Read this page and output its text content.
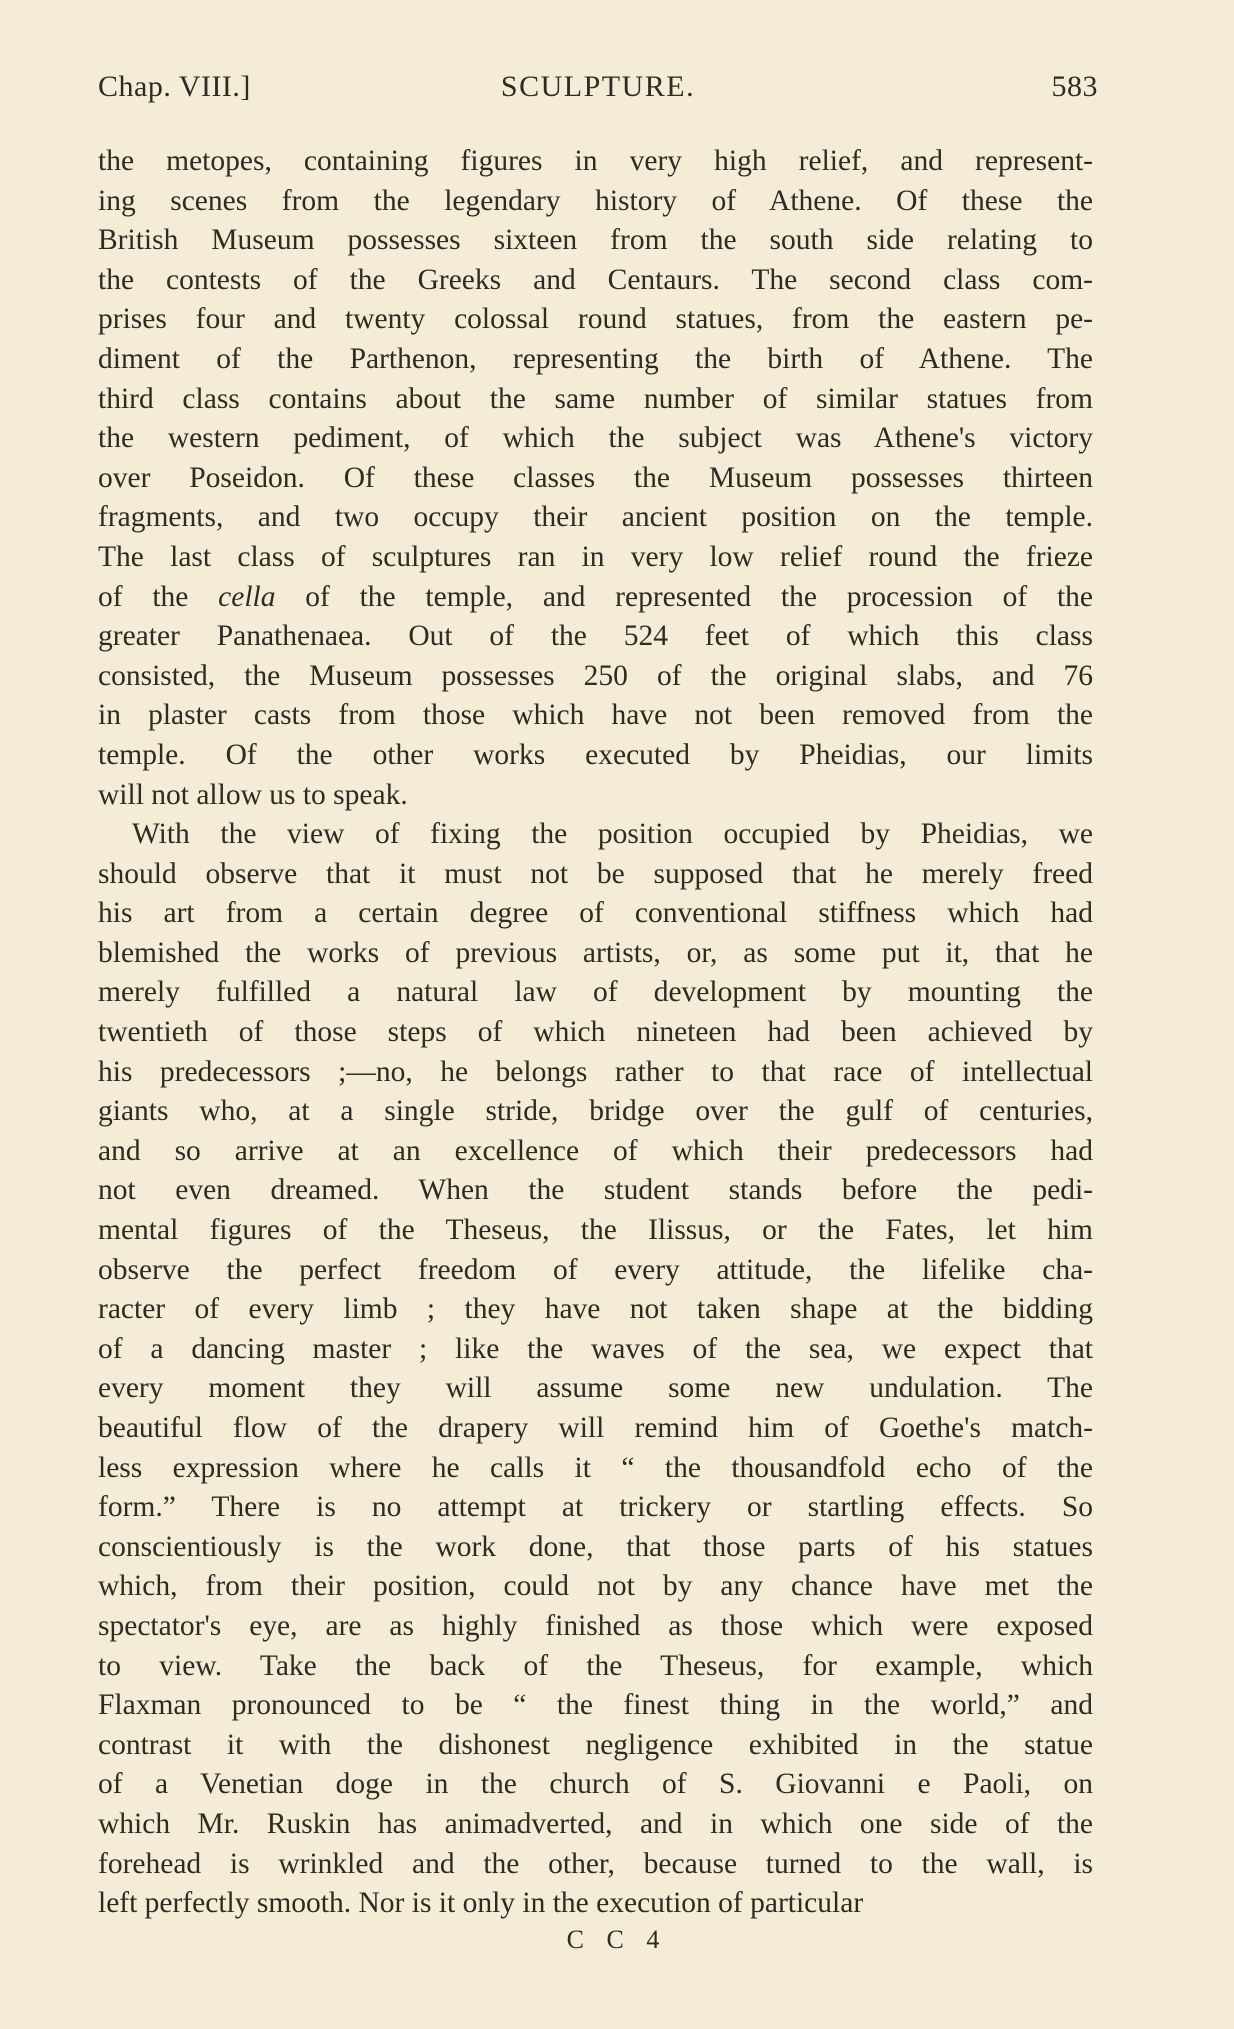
Chap. VIII.]	SCULPTURE.	583
the metopes, containing figures in very high relief, and represent-
ing scenes from the legendary history of Athene. Of these the
British Museum possesses sixteen from the south side relating to
the contests of the Greeks and Centaurs. The second class com-
prises four and twenty colossal round statues, from the eastern pe-
diment of the Parthenon, representing the birth of Athene. The
third class contains about the same number of similar statues from
the western pediment, of which the subject was Athene's victory
over Poseidon. Of these classes the Museum possesses thirteen
fragments, and two occupy their ancient position on the temple.
The last class of sculptures ran in very low relief round the frieze
of the cella of the temple, and represented the procession of the
greater Panathenaea. Out of the 524 feet of which this class
consisted, the Museum possesses 250 of the original slabs, and 76
in plaster casts from those which have not been removed from the
temple. Of the other works executed by Pheidias, our limits
will not allow us to speak.
With the view of fixing the position occupied by Pheidias, we
should observe that it must not be supposed that he merely freed
his art from a certain degree of conventional stiffness which had
blemished the works of previous artists, or, as some put it, that he
merely fulfilled a natural law of development by mounting the
twentieth of those steps of which nineteen had been achieved by
his predecessors ;—no, he belongs rather to that race of intellectual
giants who, at a single stride, bridge over the gulf of centuries,
and so arrive at an excellence of which their predecessors had
not even dreamed. When the student stands before the pedi-
mental figures of the Theseus, the Ilissus, or the Fates, let him
observe the perfect freedom of every attitude, the lifelike cha-
racter of every limb ; they have not taken shape at the bidding
of a dancing master ; like the waves of the sea, we expect that
every moment they will assume some new undulation. The
beautiful flow of the drapery will remind him of Goethe's match-
less expression where he calls it “ the thousandfold echo of the
form.” There is no attempt at trickery or startling effects. So
conscientiously is the work done, that those parts of his statues
which, from their position, could not by any chance have met the
spectator's eye, are as highly finished as those which were exposed
to view. Take the back of the Theseus, for example, which
Flaxman pronounced to be “ the finest thing in the world,” and
contrast it with the dishonest negligence exhibited in the statue
of a Venetian doge in the church of S. Giovanni e Paoli, on
which Mr. Ruskin has animadverted, and in which one side of the
forehead is wrinkled and the other, because turned to the wall, is
left perfectly smooth. Nor is it only in the execution of particular
C C 4
